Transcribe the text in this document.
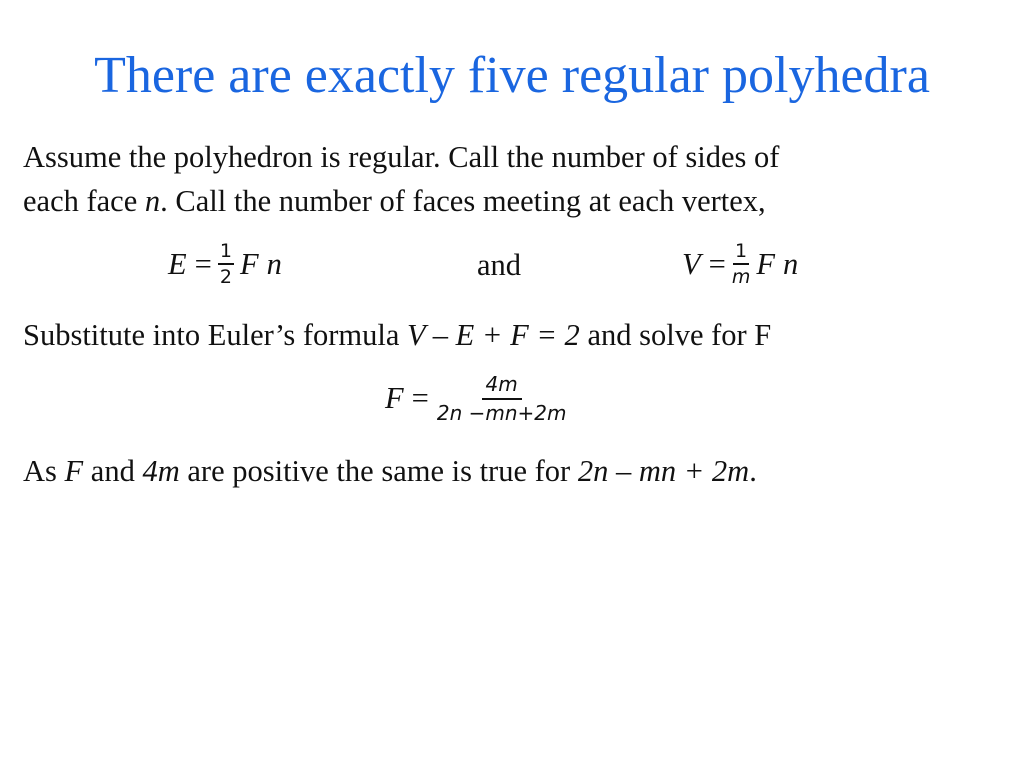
There are exactly five regular polyhedra
Assume the polyhedron is regular. Call the number of sides of
each face n. Call the number of faces meeting at each vertex,
$E = \frac{1}{2}$ F n	and	$V = \frac{1}{m}$ F n
Substitute into Euler’s formula V – E + F = 2 and solve for F
$F = \frac{4m}{2n -mn+2m}$
As F and 4m are positive the same is true for 2n – mn + 2m.
